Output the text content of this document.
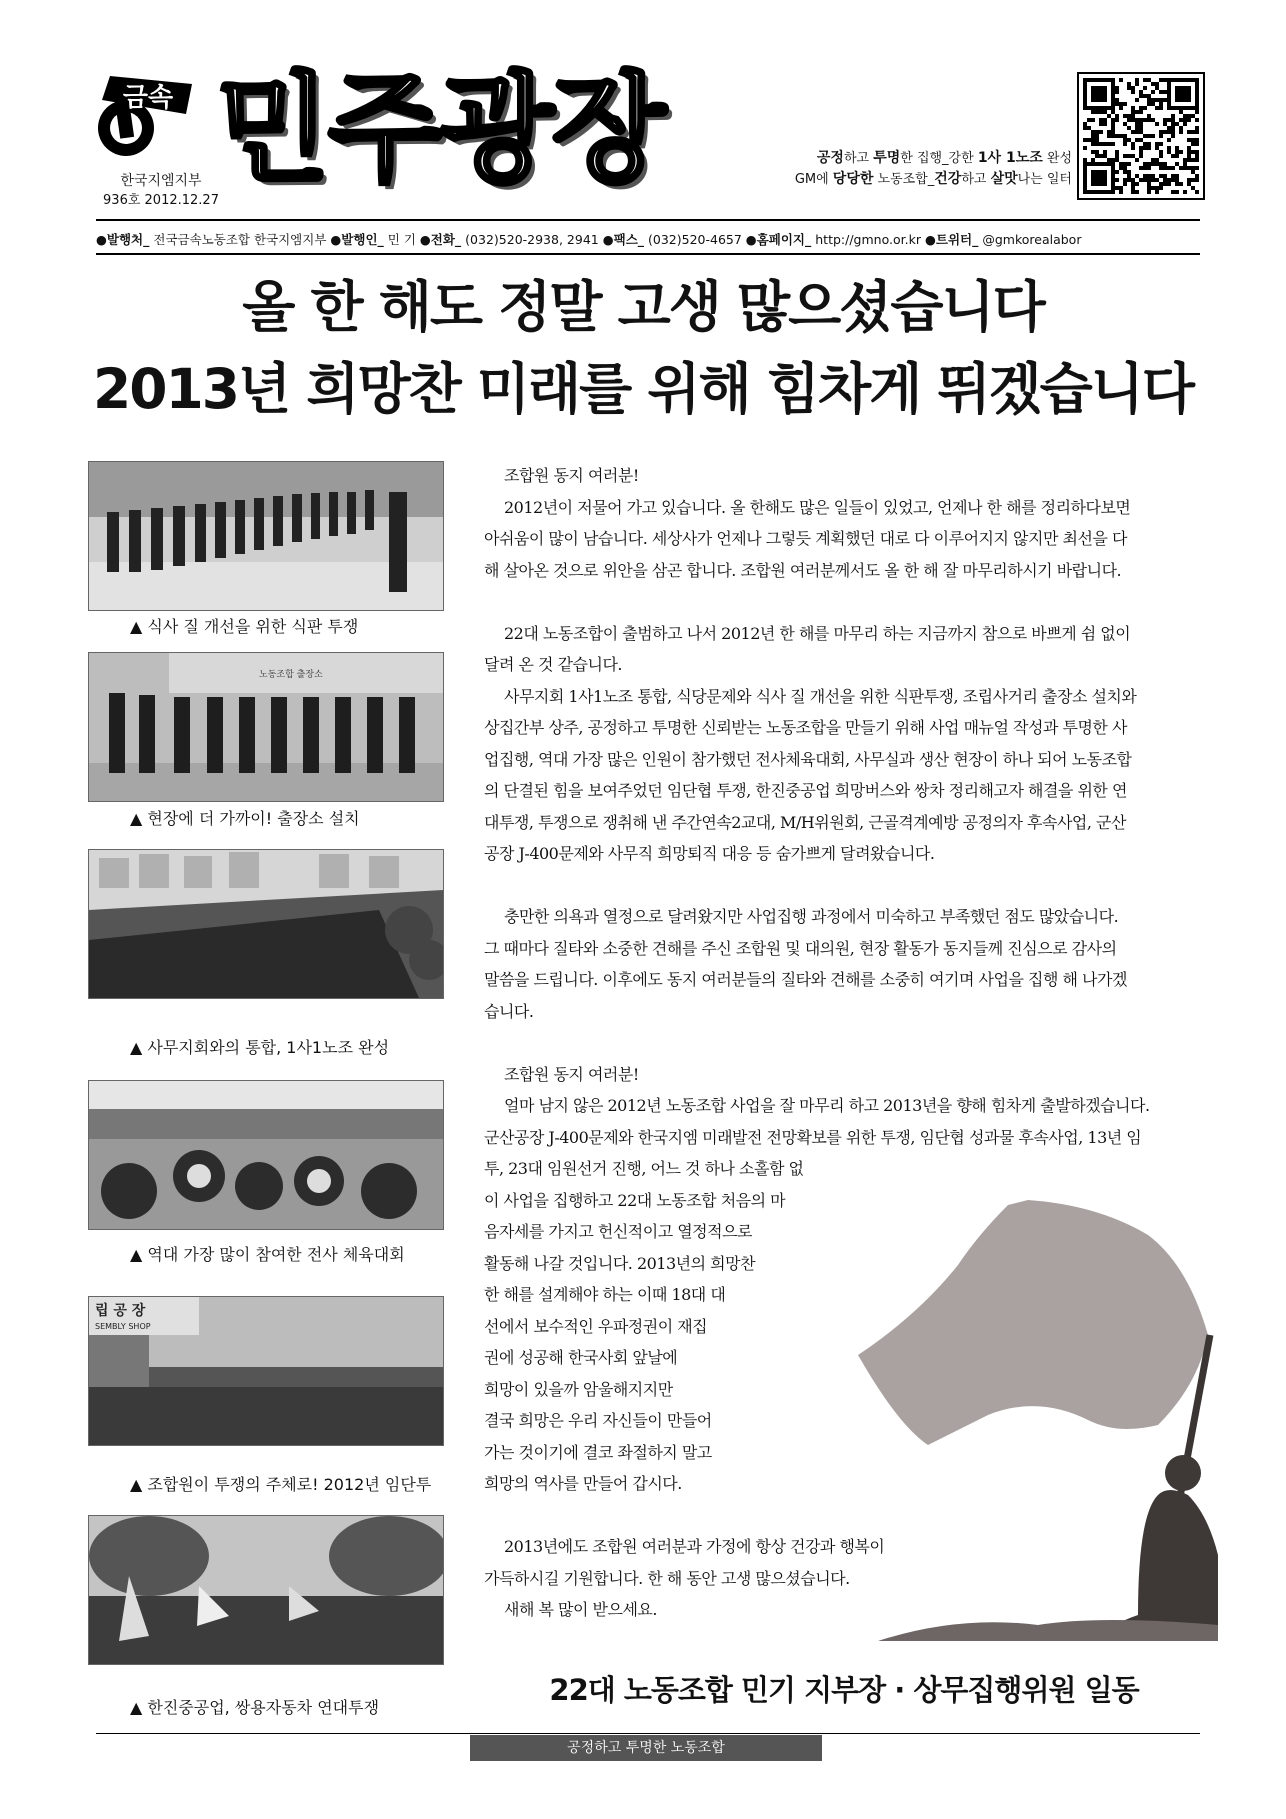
금속
한국지엠지부
936호 2012.12.27
민주광장	공정하고 투명한 집행_강한 1사 1노조 완성
GM에 당당한 노동조합_건강하고 살맛나는 일터
●발행처_ 전국금속노동조합 한국지엠지부 ●발행인_ 민 기 ●전화_ (032)520-2938, 2941 ●팩스_ (032)520-4657 ●홈페이지_ http://gmno.or.kr ●트위터_ @gmkorealabor
올 한 해도 정말 고생 많으셨습니다
2013년 희망찬 미래를 위해 힘차게 뛰겠습니다
▲ 식사 질 개선을 위한 식판 투쟁
노동조합 출장소
▲ 현장에 더 가까이! 출장소 설치
▲ 사무지회와의 통합, 1사1노조 완성
▲ 역대 가장 많이 참여한 전사 체육대회
립 공 장
SEMBLY SHOP
▲ 조합원이 투쟁의 주체로! 2012년 임단투
▲ 한진중공업, 쌍용자동차 연대투쟁

조합원 동지 여러분!

2012년이 저물어 가고 있습니다. 올 한해도 많은 일들이 있었고, 언제나 한 해를 정리하다보면

아쉬움이 많이 남습니다. 세상사가 언제나 그렇듯 계획했던 대로 다 이루어지지 않지만 최선을 다

해 살아온 것으로 위안을 삼곤 합니다. 조합원 여러분께서도 올 한 해 잘 마무리하시기 바랍니다.

22대 노동조합이 출범하고 나서 2012년 한 해를 마무리 하는 지금까지 참으로 바쁘게 쉼 없이

달려 온 것 같습니다.

사무지회 1사1노조 통합, 식당문제와 식사 질 개선을 위한 식판투쟁, 조립사거리 출장소 설치와

상집간부 상주, 공정하고 투명한 신뢰받는 노동조합을 만들기 위해 사업 매뉴얼 작성과 투명한 사

업집행, 역대 가장 많은 인원이 참가했던 전사체육대회, 사무실과 생산 현장이 하나 되어 노동조합

의 단결된 힘을 보여주었던 임단협 투쟁, 한진중공업 희망버스와 쌍차 정리해고자 해결을 위한 연

대투쟁, 투쟁으로 쟁취해 낸 주간연속2교대, M/H위원회, 근골격계예방 공정의자 후속사업, 군산

공장 J-400문제와 사무직 희망퇴직 대응 등 숨가쁘게 달려왔습니다.

충만한 의욕과 열정으로 달려왔지만 사업집행 과정에서 미숙하고 부족했던 점도 많았습니다.

그 때마다 질타와 소중한 견해를 주신 조합원 및 대의원, 현장 활동가 동지들께 진심으로 감사의

말씀을 드립니다. 이후에도 동지 여러분들의 질타와 견해를 소중히 여기며 사업을 집행 해 나가겠

습니다.

조합원 동지 여러분!

얼마 남지 않은 2012년 노동조합 사업을 잘 마무리 하고 2013년을 향해 힘차게 출발하겠습니다.

군산공장 J-400문제와 한국지엠 미래발전 전망확보를 위한 투쟁, 임단협 성과물 후속사업, 13년 임

투, 23대 임원선거 진행, 어느 것 하나 소홀함 없

이 사업을 집행하고 22대 노동조합 처음의 마

음자세를 가지고 헌신적이고 열정적으로

활동해 나갈 것입니다. 2013년의 희망찬

한 해를 설계해야 하는 이때 18대 대

선에서 보수적인 우파정권이 재집

권에 성공해 한국사회 앞날에

희망이 있을까 암울해지지만

결국 희망은 우리 자신들이 만들어

가는 것이기에 결코 좌절하지 말고

희망의 역사를 만들어 갑시다.

2013년에도 조합원 여러분과 가정에 항상 건강과 행복이

가득하시길 기원합니다. 한 해 동안 고생 많으셨습니다.

새해 복 많이 받으세요.

22대 노동조합 민기 지부장 · 상무집행위원 일동
공정하고 투명한 노동조합
